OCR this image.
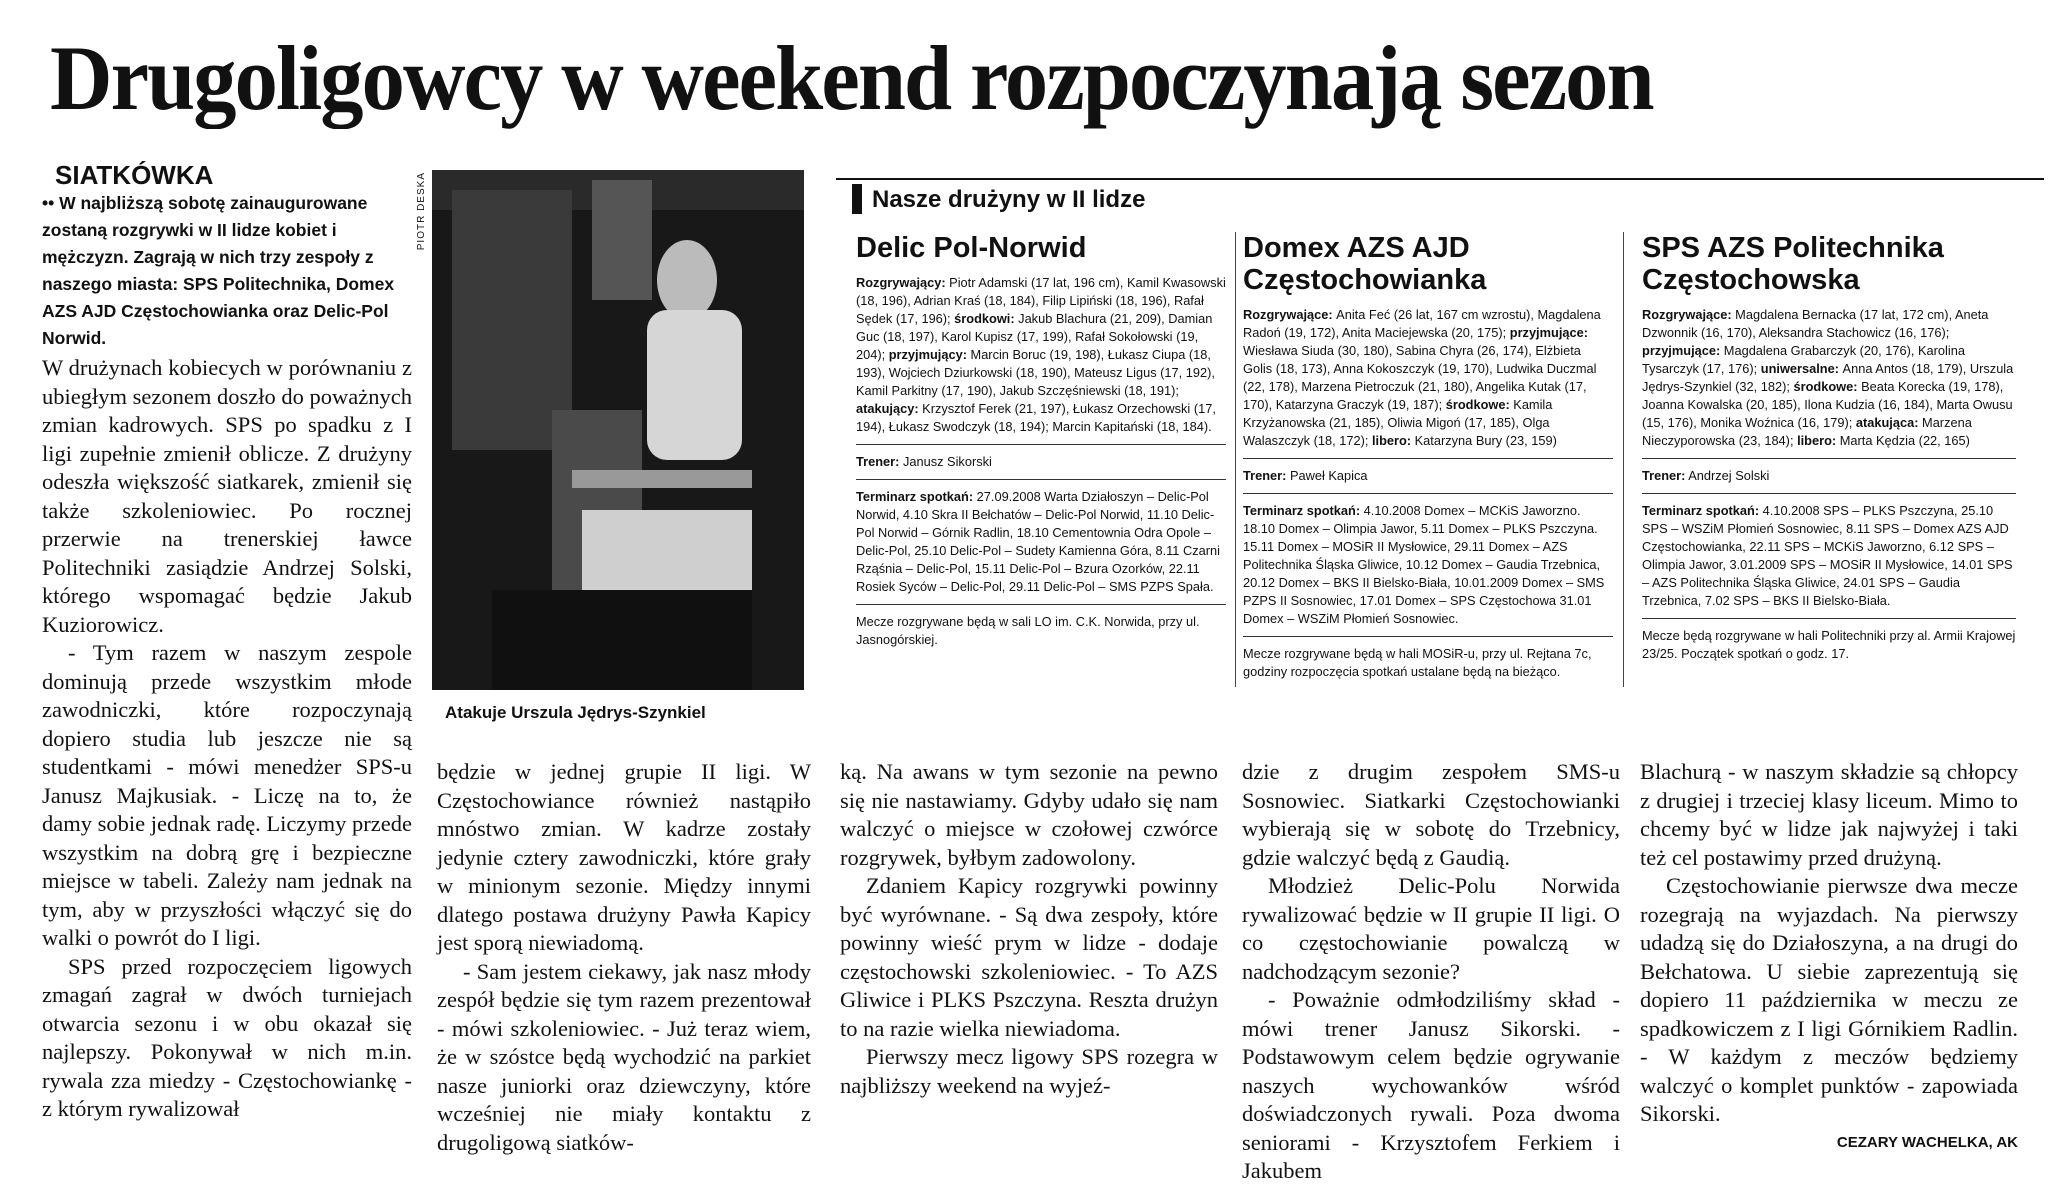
Drugoligowcy w weekend rozpoczynają sezon
SIATKÓWKA
•• W najbliższą sobotę zainaugurowane zostaną rozgrywki w II lidze kobiet i mężczyzn. Zagrają w nich trzy zespoły z naszego miasta: SPS Politechnika, Domex AZS AJD Częstochowianka oraz Delic-Pol Norwid.

W drużynach kobiecych w porównaniu z ubiegłym sezonem doszło do poważnych zmian kadrowych. SPS po spadku z I ligi zupełnie zmienił oblicze. Z drużyny odeszła większość siatkarek, zmienił się także szkoleniowiec. Po rocznej przerwie na trenerskiej ławce Politechniki zasiądzie Andrzej Solski, którego wspomagać będzie Jakub Kuziorowicz.

- Tym razem w naszym zespole dominują przede wszystkim młode zawodniczki, które rozpoczynają dopiero studia lub jeszcze nie są studentkami - mówi menedżer SPS-u Janusz Majkusiak. - Liczę na to, że damy sobie jednak radę. Liczymy przede wszystkim na dobrą grę i bezpieczne miejsce w tabeli. Zależy nam jednak na tym, aby w przyszłości włączyć się do walki o powrót do I ligi.

SPS przed rozpoczęciem ligowych zmagań zagrał w dwóch turniejach otwarcia sezonu i w obu okazał się najlepszy. Pokonywał w nich m.in. rywala zza miedzy - Częstochowiankę - z którym rywalizował

PIOTR DESKA
Atakuje Urszula Jędrys-Szynkiel

będzie w jednej grupie II ligi. W Częstochowiance również nastąpiło mnóstwo zmian. W kadrze zostały jedynie cztery zawodniczki, które grały w minionym sezonie. Między innymi dlatego postawa drużyny Pawła Kapicy jest sporą niewiadomą.

- Sam jestem ciekawy, jak nasz młody zespół będzie się tym razem prezentował - mówi szkoleniowiec. - Już teraz wiem, że w szóstce będą wychodzić na parkiet nasze juniorki oraz dziewczyny, które wcześniej nie miały kontaktu z drugoligową siatków-

Nasze drużyny w II lidze
Delic Pol-Norwid

Rozgrywający: Piotr Adamski (17 lat, 196 cm), Kamil Kwasowski (18, 196), Adrian Kraś (18, 184), Filip Lipiński (18, 196), Rafał Sędek (17, 196); środkowi: Jakub Blachura (21, 209), Damian Guc (18, 197), Karol Kupisz (17, 199), Rafał Sokołowski (19, 204); przyjmujący: Marcin Boruc (19, 198), Łukasz Ciupa (18, 193), Wojciech Dziurkowski (18, 190), Mateusz Ligus (17, 192), Kamil Parkitny (17, 190), Jakub Szczęśniewski (18, 191); atakujący: Krzysztof Ferek (21, 197), Łukasz Orzechowski (17, 194), Łukasz Swodczyk (18, 194); Marcin Kapitański (18, 184).

Trener: Janusz Sikorski

Terminarz spotkań: 27.09.2008 Warta Działoszyn – Delic-Pol Norwid, 4.10 Skra II Bełchatów – Delic-Pol Norwid, 11.10 Delic-Pol Norwid – Górnik Radlin, 18.10 Cementownia Odra Opole – Delic-Pol, 25.10 Delic-Pol – Sudety Kamienna Góra, 8.11 Czarni Rząśnia – Delic-Pol, 15.11 Delic-Pol – Bzura Ozorków, 22.11 Rosiek Syców – Delic-Pol, 29.11 Delic-Pol – SMS PZPS Spała.

Mecze rozgrywane będą w sali LO im. C.K. Norwida, przy ul. Jasnogórskiej.

Domex AZS AJD Częstochowianka

Rozgrywające: Anita Feć (26 lat, 167 cm wzrostu), Magdalena Radoń (19, 172), Anita Maciejewska (20, 175); przyjmujące: Wiesława Siuda (30, 180), Sabina Chyra (26, 174), Elżbieta Golis (18, 173), Anna Kokoszczyk (19, 170), Ludwika Duczmal (22, 178), Marzena Pietroczuk (21, 180), Angelika Kutak (17, 170), Katarzyna Graczyk (19, 187); środkowe: Kamila Krzyżanowska (21, 185), Oliwia Migoń (17, 185), Olga Walaszczyk (18, 172); libero: Katarzyna Bury (23, 159)

Trener: Paweł Kapica

Terminarz spotkań: 4.10.2008 Domex – MCKiS Jaworzno. 18.10 Domex – Olimpia Jawor, 5.11 Domex – PLKS Pszczyna. 15.11 Domex – MOSiR II Mysłowice, 29.11 Domex – AZS Politechnika Śląska Gliwice, 10.12 Domex – Gaudia Trzebnica, 20.12 Domex – BKS II Bielsko-Biała, 10.01.2009 Domex – SMS PZPS II Sosnowiec, 17.01 Domex – SPS Częstochowa 31.01 Domex – WSZiM Płomień Sosnowiec.

Mecze rozgrywane będą w hali MOSiR-u, przy ul. Rejtana 7c, godziny rozpoczęcia spotkań ustalane będą na bieżąco.

SPS AZS Politechnika Częstochowska

Rozgrywające: Magdalena Bernacka (17 lat, 172 cm), Aneta Dzwonnik (16, 170), Aleksandra Stachowicz (16, 176); przyjmujące: Magdalena Grabarczyk (20, 176), Karolina Tysarczyk (17, 176); uniwersalne: Anna Antos (18, 179), Urszula Jędrys-Szynkiel (32, 182); środkowe: Beata Korecka (19, 178), Joanna Kowalska (20, 185), Ilona Kudzia (16, 184), Marta Owusu (15, 176), Monika Woźnica (16, 179); atakująca: Marzena Nieczyporowska (23, 184); libero: Marta Kędzia (22, 165)

Trener: Andrzej Solski

Terminarz spotkań: 4.10.2008 SPS – PLKS Pszczyna, 25.10 SPS – WSZiM Płomień Sosnowiec, 8.11 SPS – Domex AZS AJD Częstochowianka, 22.11 SPS – MCKiS Jaworzno, 6.12 SPS – Olimpia Jawor, 3.01.2009 SPS – MOSiR II Mysłowice, 14.01 SPS – AZS Politechnika Śląska Gliwice, 24.01 SPS – Gaudia Trzebnica, 7.02 SPS – BKS II Bielsko-Biała.

Mecze będą rozgrywane w hali Politechniki przy al. Armii Krajowej 23/25. Początek spotkań o godz. 17.

ką. Na awans w tym sezonie na pewno się nie nastawiamy. Gdyby udało się nam walczyć o miejsce w czołowej czwórce rozgrywek, byłbym zadowolony.

Zdaniem Kapicy rozgrywki powinny być wyrównane. - Są dwa zespoły, które powinny wieść prym w lidze - dodaje częstochowski szkoleniowiec. - To AZS Gliwice i PLKS Pszczyna. Reszta drużyn to na razie wielka niewiadoma.

Pierwszy mecz ligowy SPS rozegra w najbliższy weekend na wyjeź-

dzie z drugim zespołem SMS-u Sosnowiec. Siatkarki Częstochowianki wybierają się w sobotę do Trzebnicy, gdzie walczyć będą z Gaudią.

Młodzież Delic-Polu Norwida rywalizować będzie w II grupie II ligi. O co częstochowianie powalczą w nadchodzącym sezonie?

- Poważnie odmłodziliśmy skład - mówi trener Janusz Sikorski. - Podstawowym celem będzie ogrywanie naszych wychowanków wśród doświadczonych rywali. Poza dwoma seniorami - Krzysztofem Ferkiem i Jakubem

Blachurą - w naszym składzie są chłopcy z drugiej i trzeciej klasy liceum. Mimo to chcemy być w lidze jak najwyżej i taki też cel postawimy przed drużyną.

Częstochowianie pierwsze dwa mecze rozegrają na wyjazdach. Na pierwszy udadzą się do Działoszyna, a na drugi do Bełchatowa. U siebie zaprezentują się dopiero 11 października w meczu ze spadkowiczem z I ligi Górnikiem Radlin. - W każdym z meczów będziemy walczyć o komplet punktów - zapowiada Sikorski.

CEZARY WACHELKA, AK
